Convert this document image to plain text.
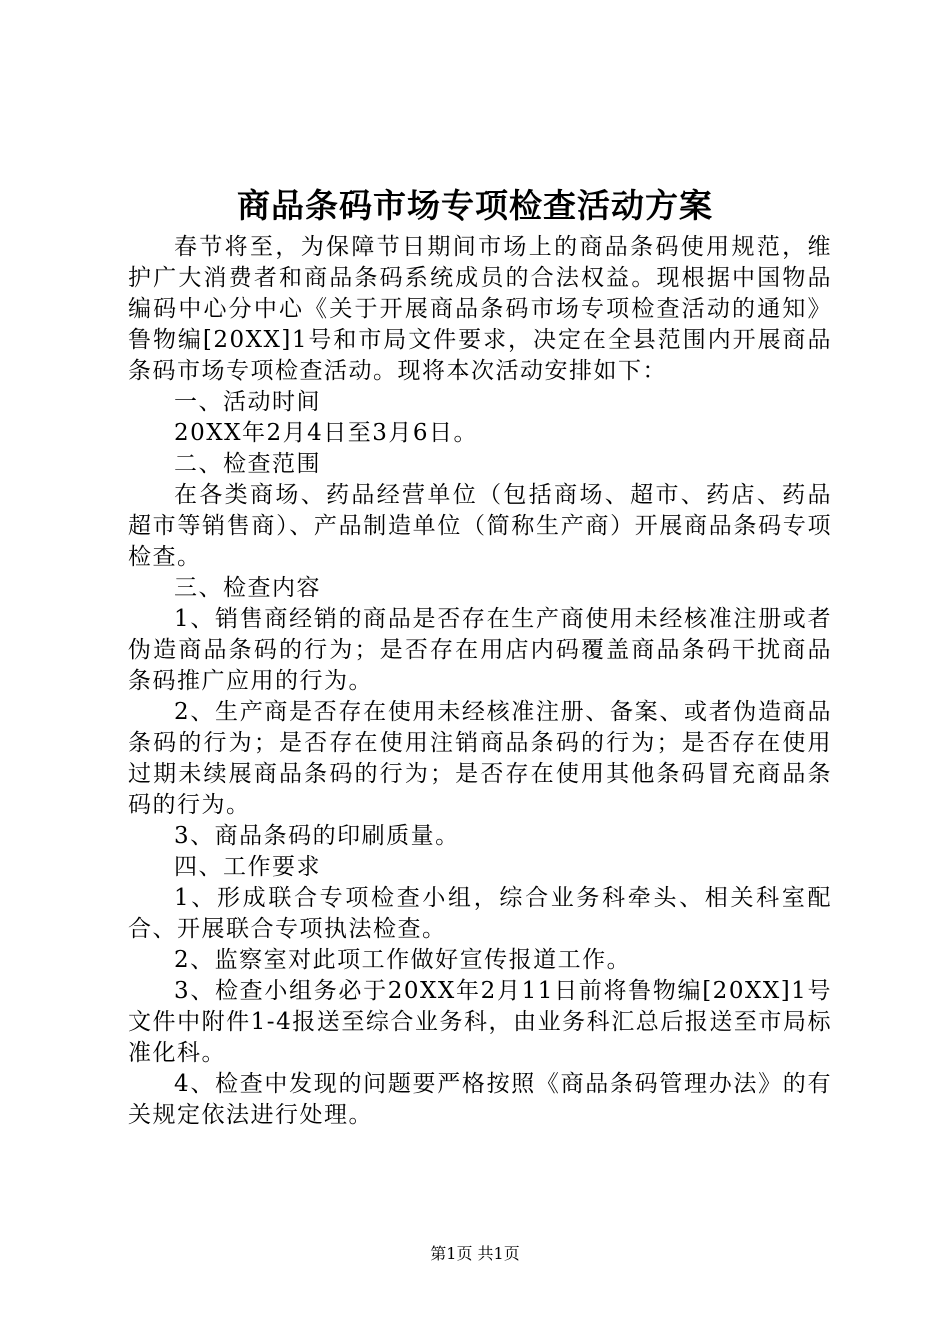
商品条码市场专项检查活动方案

春节将至，为保障节日期间市场上的商品条码使用规范，维护广大消费者和商品条码系统成员的合法权益。现根据中国物品编码中心分中心《关于开展商品条码市场专项检查活动的通知》鲁物编[20XX]1号和市局文件要求，决定在全县范围内开展商品条码市场专项检查活动。现将本次活动安排如下：

一、活动时间

20XX年2月4日至3月6日。

二、检查范围

在各类商场、药品经营单位（包括商场、超市、药店、药品超市等销售商）、产品制造单位（简称生产商）开展商品条码专项检查。

三、检查内容

1、销售商经销的商品是否存在生产商使用未经核准注册或者伪造商品条码的行为；是否存在用店内码覆盖商品条码干扰商品条码推广应用的行为。

2、生产商是否存在使用未经核准注册、备案、或者伪造商品条码的行为；是否存在使用注销商品条码的行为；是否存在使用过期未续展商品条码的行为；是否存在使用其他条码冒充商品条码的行为。

3、商品条码的印刷质量。

四、工作要求

1、形成联合专项检查小组，综合业务科牵头、相关科室配合、开展联合专项执法检查。

2、监察室对此项工作做好宣传报道工作。

3、检查小组务必于20XX年2月11日前将鲁物编[20XX]1号文件中附件1-4报送至综合业务科，由业务科汇总后报送至市局标准化科。

4、检查中发现的问题要严格按照《商品条码管理办法》的有关规定依法进行处理。

第1页 共1页
